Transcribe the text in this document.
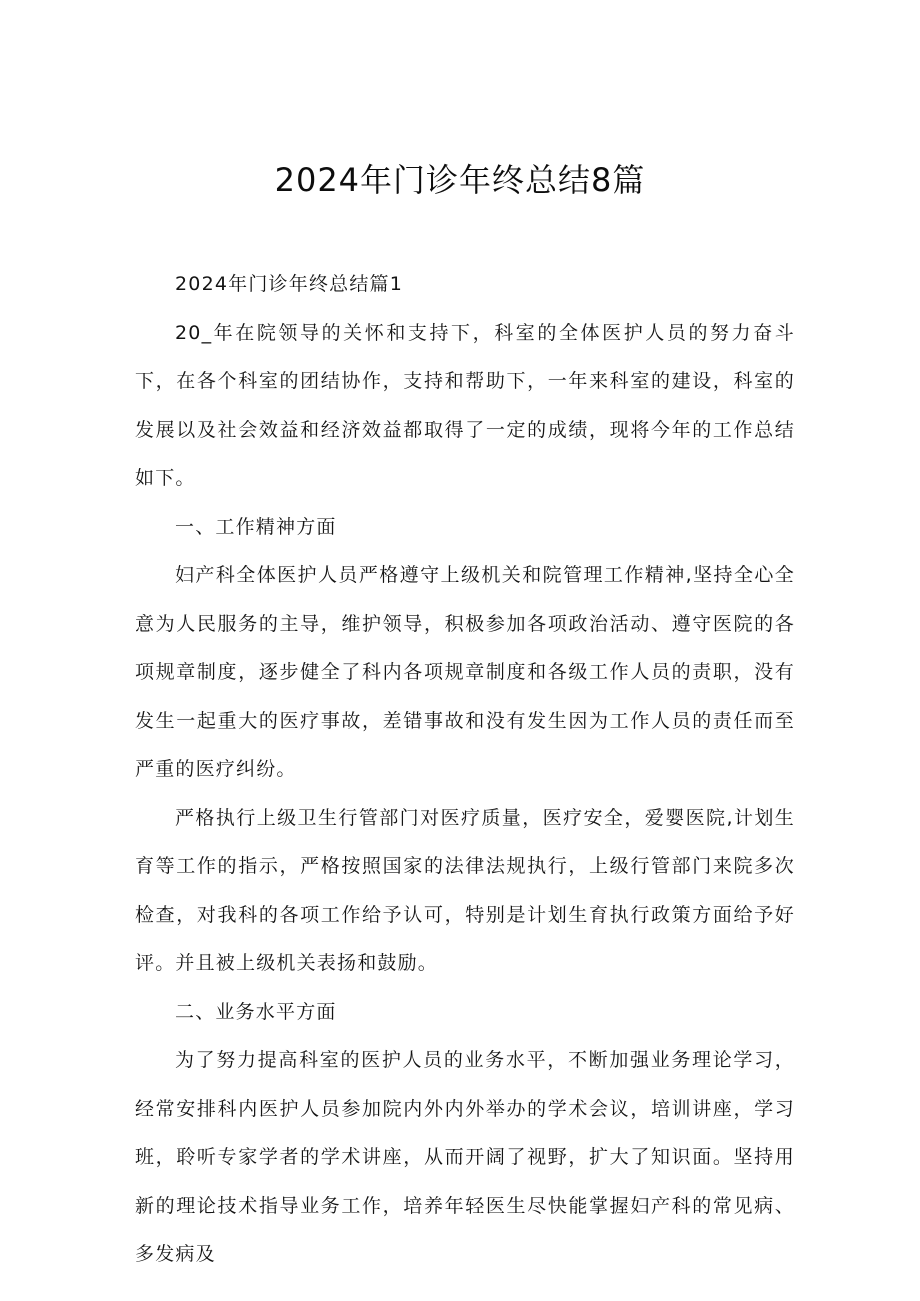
2024年门诊年终总结8篇

2024年门诊年终总结篇1

20_年在院领导的关怀和支持下，科室的全体医护人员的努力奋斗下，在各个科室的团结协作，支持和帮助下，一年来科室的建设，科室的发展以及社会效益和经济效益都取得了一定的成绩，现将今年的工作总结如下。

一、工作精神方面

妇产科全体医护人员严格遵守上级机关和院管理工作精神,坚持全心全意为人民服务的主导，维护领导，积极参加各项政治活动、遵守医院的各项规章制度，逐步健全了科内各项规章制度和各级工作人员的责职，没有发生一起重大的医疗事故，差错事故和没有发生因为工作人员的责任而至严重的医疗纠纷。

严格执行上级卫生行管部门对医疗质量，医疗安全，爱婴医院,计划生育等工作的指示，严格按照国家的法律法规执行，上级行管部门来院多次检查，对我科的各项工作给予认可，特别是计划生育执行政策方面给予好评。并且被上级机关表扬和鼓励。

二、业务水平方面

为了努力提高科室的医护人员的业务水平，不断加强业务理论学习，经常安排科内医护人员参加院内外内外举办的学术会议，培训讲座，学习班，聆听专家学者的学术讲座，从而开阔了视野，扩大了知识面。坚持用新的理论技术指导业务工作，培养年轻医生尽快能掌握妇产科的常见病、多发病及
